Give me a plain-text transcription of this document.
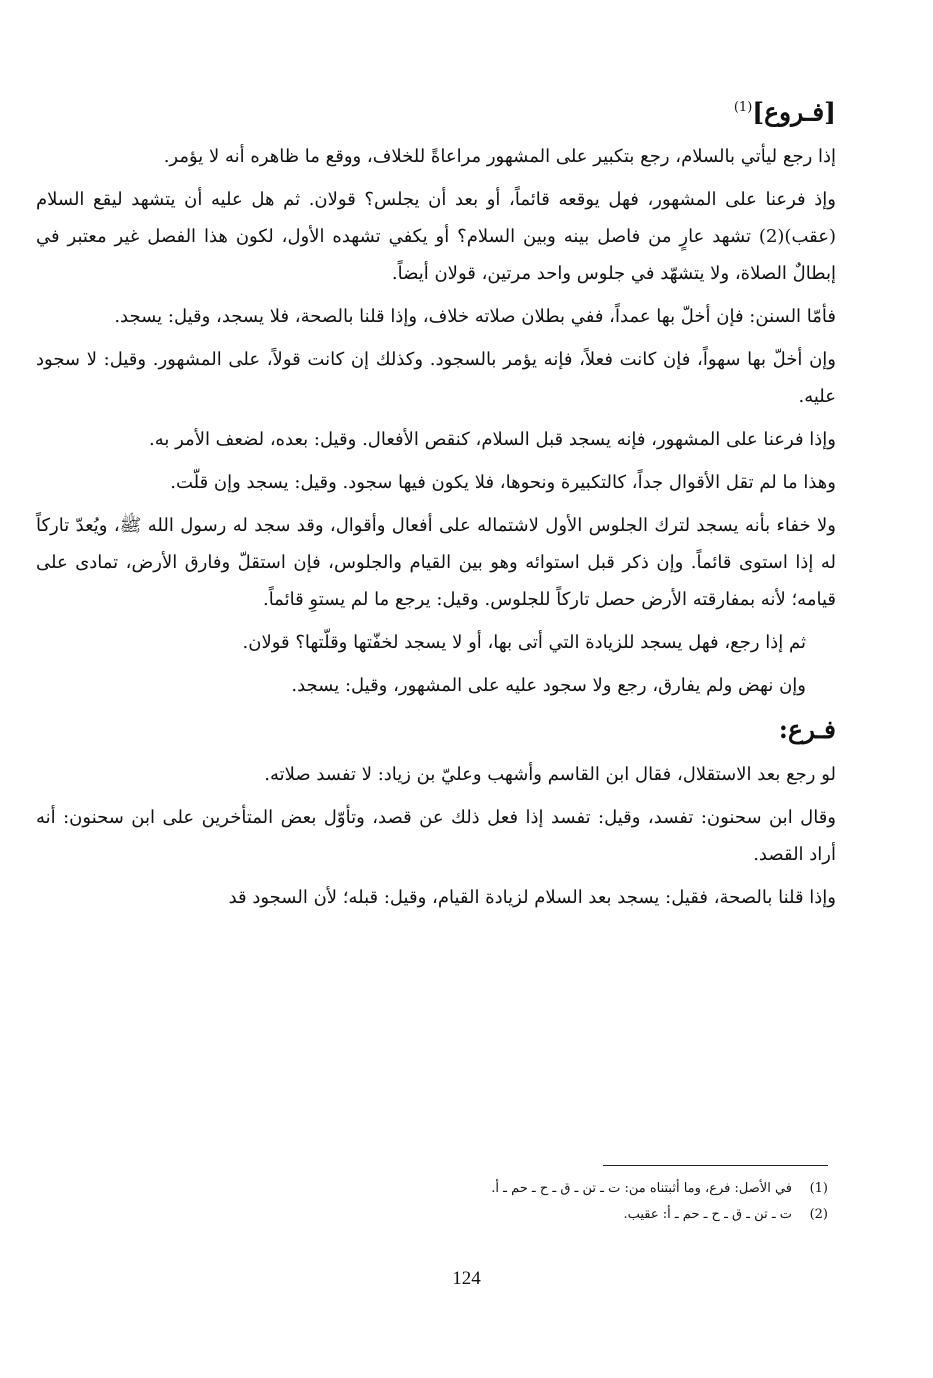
[فـروع]$^{(1)}$

إذا رجع ليأتي بالسلام، رجع بتكبير على المشهور مراعاةً للخلاف، ووقع ما ظاهره أنه لا يؤمر.

وإذ فرعنا على المشهور، فهل يوقعه قائماً، أو بعد أن يجلس؟ قولان. ثم هل عليه أن يتشهد ليقع السلام (عقب)(2) تشهد عارٍ من فاصل بينه وبين السلام؟ أو يكفي تشهده الأول، لكون هذا الفصل غير معتبر في إبطالٌ الصلاة، ولا يتشهّد في جلوس واحد مرتين، قولان أيضاً.

فأمّا السنن: فإن أخلّ بها عمداً، ففي بطلان صلاته خلاف، وإذا قلنا بالصحة، فلا يسجد، وقيل: يسجد.

وإن أخلّ بها سهواً، فإن كانت فعلاً، فإنه يؤمر بالسجود. وكذلك إن كانت قولاً، على المشهور. وقيل: لا سجود عليه.

وإذا فرعنا على المشهور، فإنه يسجد قبل السلام، كنقص الأفعال. وقيل: بعده، لضعف الأمر به.

وهذا ما لم تقل الأقوال جداً، كالتكبيرة ونحوها، فلا يكون فيها سجود. وقيل: يسجد وإن قلّت.

ولا خفاء بأنه يسجد لترك الجلوس الأول لاشتماله على أفعال وأقوال، وقد سجد له رسول الله ﷺ، ويُعدّ تاركاً له إذا استوى قائماً. وإن ذكر قبل استوائه وهو بين القيام والجلوس، فإن استقلّ وفارق الأرض، تمادى على قيامه؛ لأنه بمفارقته الأرض حصل تاركاً للجلوس. وقيل: يرجع ما لم يستوِ قائماً.

ثم إذا رجع، فهل يسجد للزيادة التي أتى بها، أو لا يسجد لخفّتها وقلّتها؟ قولان.

وإن نهض ولم يفارق، رجع ولا سجود عليه على المشهور، وقيل: يسجد.

فـرع:

لو رجع بعد الاستقلال، فقال ابن القاسم وأشهب وعليّ بن زياد: لا تفسد صلاته.

وقال ابن سحنون: تفسد، وقيل: تفسد إذا فعل ذلك عن قصد، وتأوّل بعض المتأخرين على ابن سحنون: أنه أراد القصد.

وإذا قلنا بالصحة، فقيل: يسجد بعد السلام لزيادة القيام، وقيل: قبله؛ لأن السجود قد

(1)
في الأصل: فرع، وما أثبتناه من: ت ـ تن ـ ق ـ ح ـ حم ـ أ.
(2)
ت ـ تن ـ ق ـ ح ـ حم ـ أ: عقيب.
124
